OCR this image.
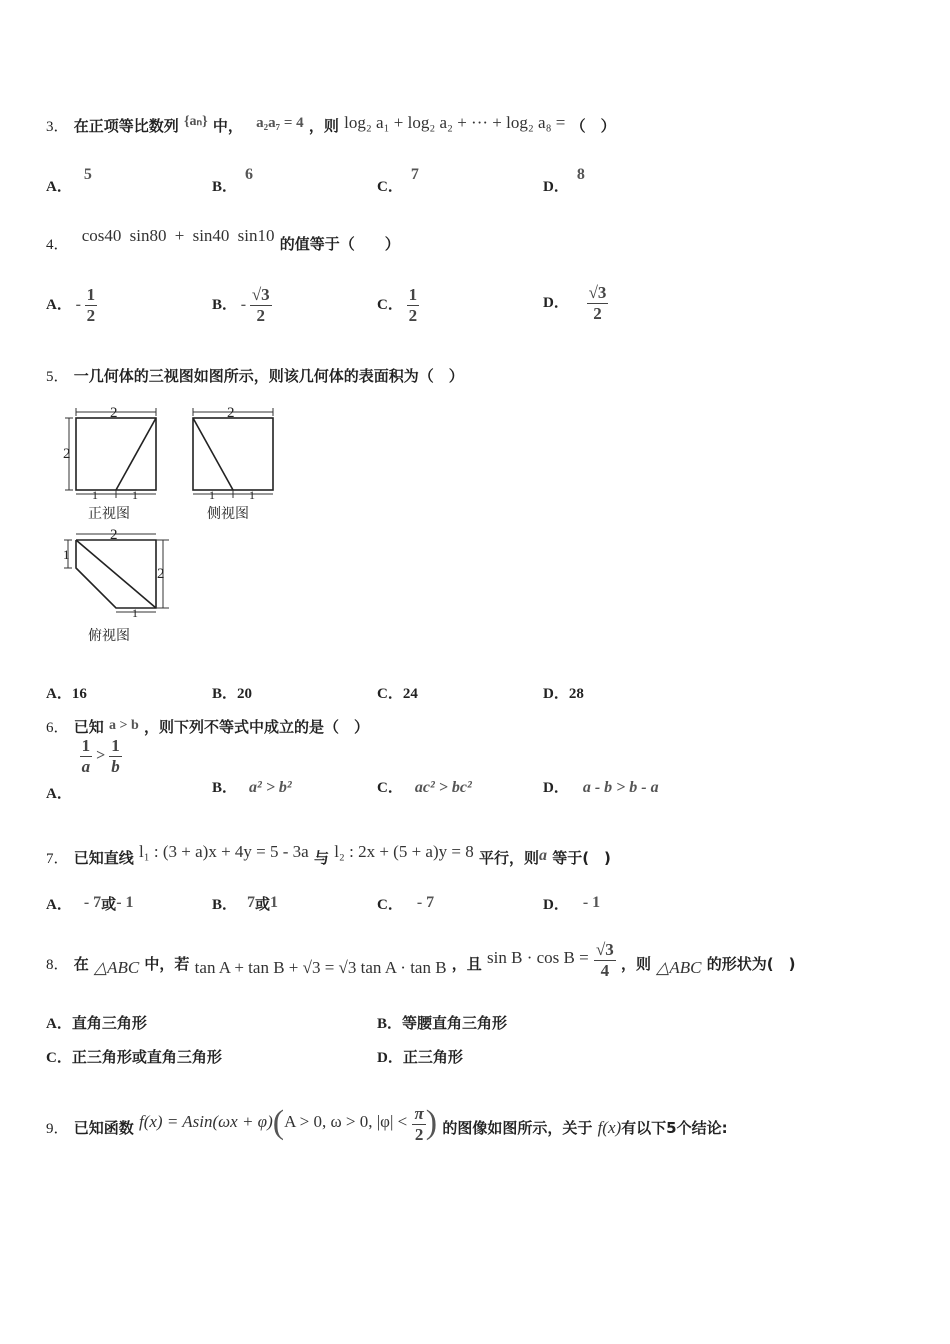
3． 在正项等比数列 {aₙ} 中， a₂a₇ = 4 ，则 log₂ a₁ + log₂ a₂ + ··· + log₂ a₈ = （　）
A．5
B．6
C．7
D．8
4． cos40 sin80 + sin40 sin10 的值等于（　　）
A． - $\frac{1}{2}$	B． - $\frac{√3}{2}$	C． $\frac{1}{2}$	D． $\frac{√3}{2}$
5． 一几何体的三视图如图所示，则该几何体的表面积为（　）
2
2
1	1
2
1	1
2
1
2
1
正视图	侧视图
俯视图
A．16	B．20	C．24	D．28
6． 已知 a > b ，则下列不等式中成立的是（　）
A．
$\frac{1}{a} > \frac{1}{b}$
B． a² > b²	C． ac² > bc²	D． a - b > b - a
7． 已知直线 l₁ : (3 + a)x + 4y = 5 - 3a 与 l₂ : 2x + (5 + a)y = 8 平行，则a 等于(　)
A． - 7或- 1	B． 7或1	C． - 7	D． - 1
8． 在 △ABC 中，若 tan A + tan B + √3 = √3 tan A · tan B ，且 $\sin B \cdot \cos B = \frac{√3}{4}$ ，则 △ABC 的形状为(　)
A．直角三角形	B．等腰直角三角形
C．正三角形或直角三角形	D．正三角形
9． 已知函数 f(x) = Asin(ωx + φ)(A > 0, ω > 0, $|\varphi| < \frac{\pi}{2}$ ) 的图像如图所示，关于 f(x)有以下5个结论:
